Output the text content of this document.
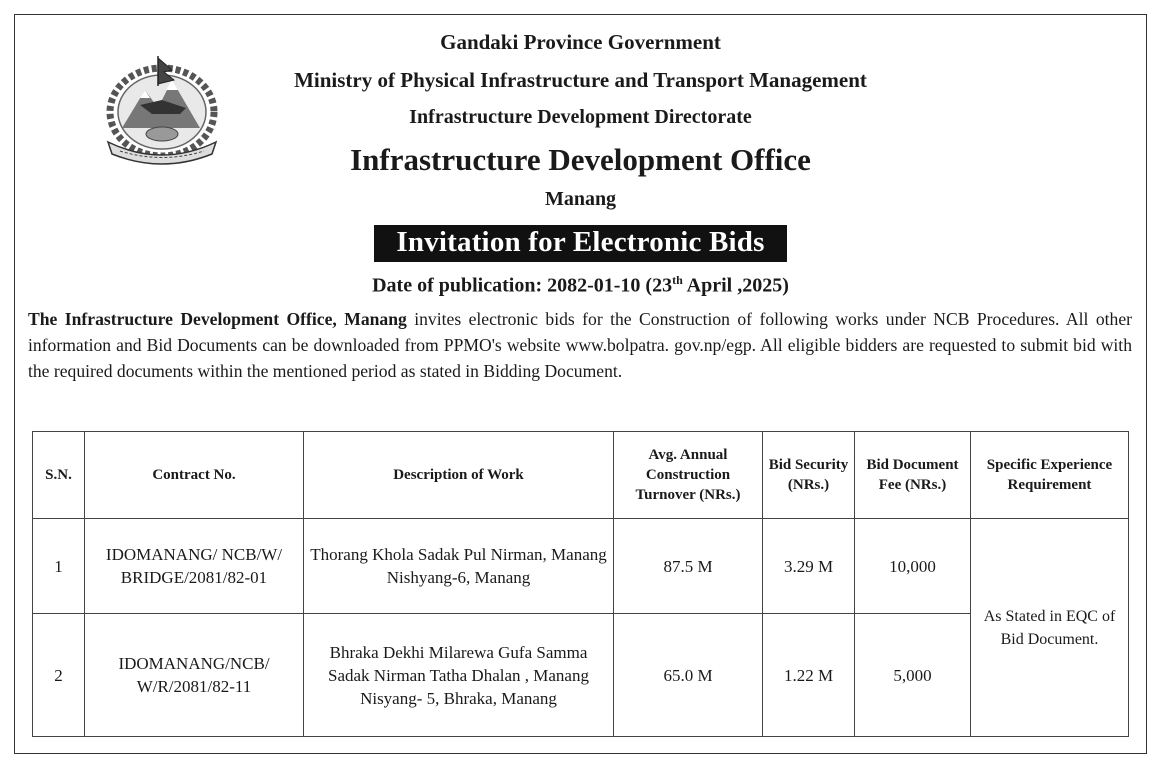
Gandaki Province Government
Ministry of Physical Infrastructure and Transport Management
Infrastructure Development Directorate
Infrastructure Development Office
Manang
Invitation for Electronic Bids
Date of publication: 2082-01-10 (23th April ,2025)
The Infrastructure Development Office, Manang invites electronic bids for the Construction of following works under NCB Procedures. All other information and Bid Documents can be downloaded from PPMO's website www.bolpatra. gov.np/egp. All eligible bidders are requested to submit bid with the required documents within the mentioned period as stated in Bidding Document.
S.N.	Contract No.	Description of Work	Avg. Annual Construction Turnover (NRs.)	Bid Security (NRs.)	Bid Document Fee (NRs.)	Specific Experience Requirement
1	IDOMANANG/ NCB/W/ BRIDGE/2081/82-01	Thorang Khola Sadak Pul Nirman, Manang Nishyang-6, Manang	87.5 M	3.29 M	10,000	As Stated in EQC of Bid Document.
2	IDOMANANG/NCB/ W/R/2081/82-11	Bhraka Dekhi Milarewa Gufa Samma Sadak Nirman Tatha Dhalan , Manang Nisyang- 5, Bhraka, Manang	65.0 M	1.22 M	5,000	
